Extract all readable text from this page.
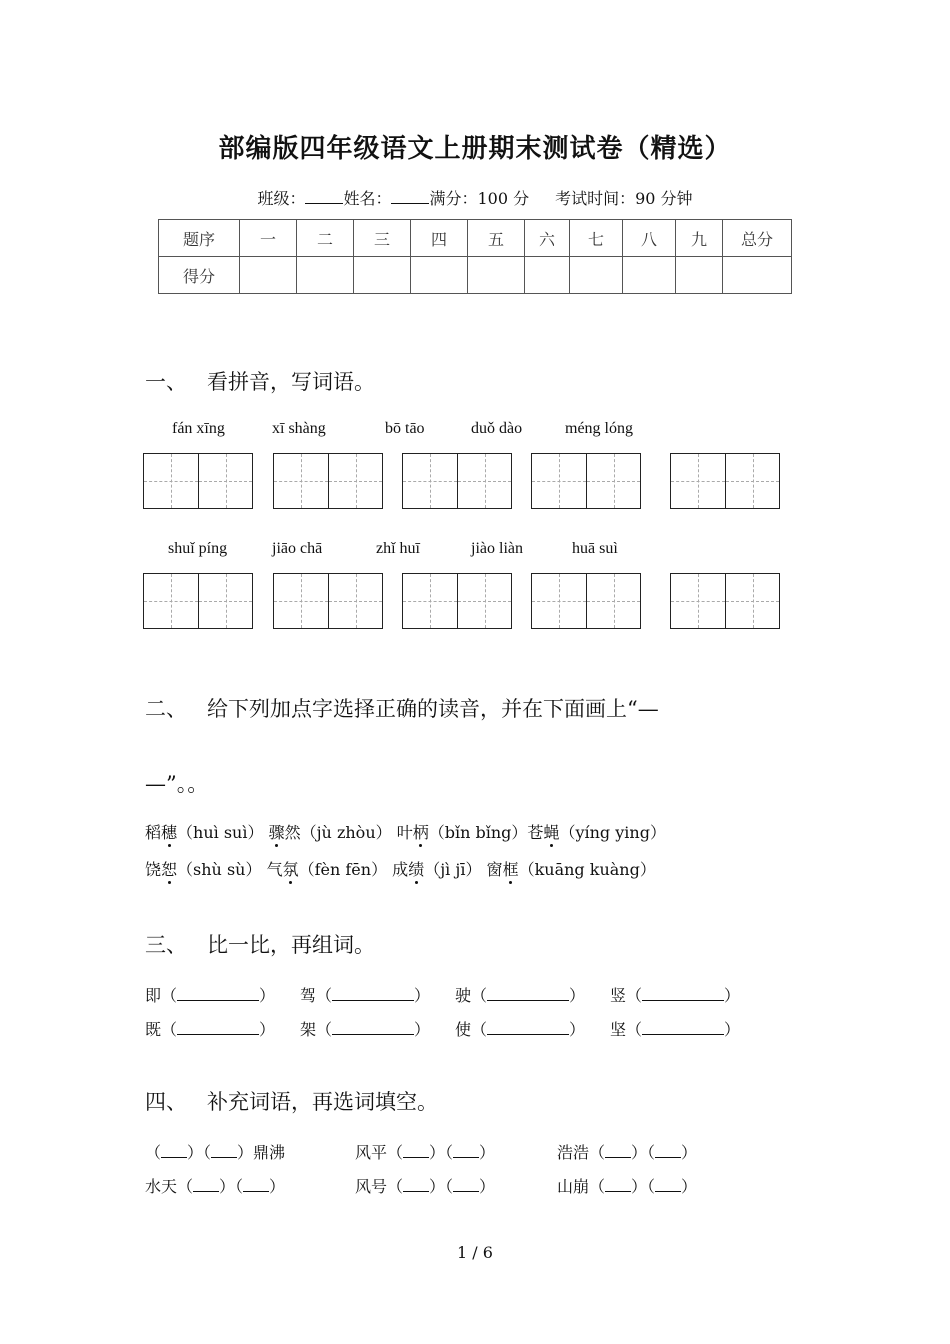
部编版四年级语文上册期末测试卷（精选）
班级： 姓名： 满分：100 分 考试时间：90 分钟
题序	一	二	三	四	五	六	七	八	九	总分
得分										
一、 看拼音，写词语。
fán xīng	xī shàng	bō tāo	duǒ dào	méng lóng
shuǐ píng	jiāo chā	zhǐ huī	jiào liàn	huā suì
二、 给下列加点字选择正确的读音，并在下面画上“—
—”。。
稻穗（huì suì） 骤然（jù zhòu） 叶柄（bǐn bǐng）苍蝇（yíng ying）
饶恕（shù sù） 气氛（fèn fēn） 成绩（jì jī） 窗框（kuāng kuàng）
三、 比一比，再组词。
即（	）	驾（	）	驶（	）	竖（	）
既（	）	架（	）	使（	）	坚（	）
四、 补充词语，再选词填空。
（ ）（ ）鼎沸	风平（ ）（ ）	浩浩（ ）（ ）
水天（ ）（ ）	风号（ ）（ ）	山崩（ ）（ ）
1 / 6
